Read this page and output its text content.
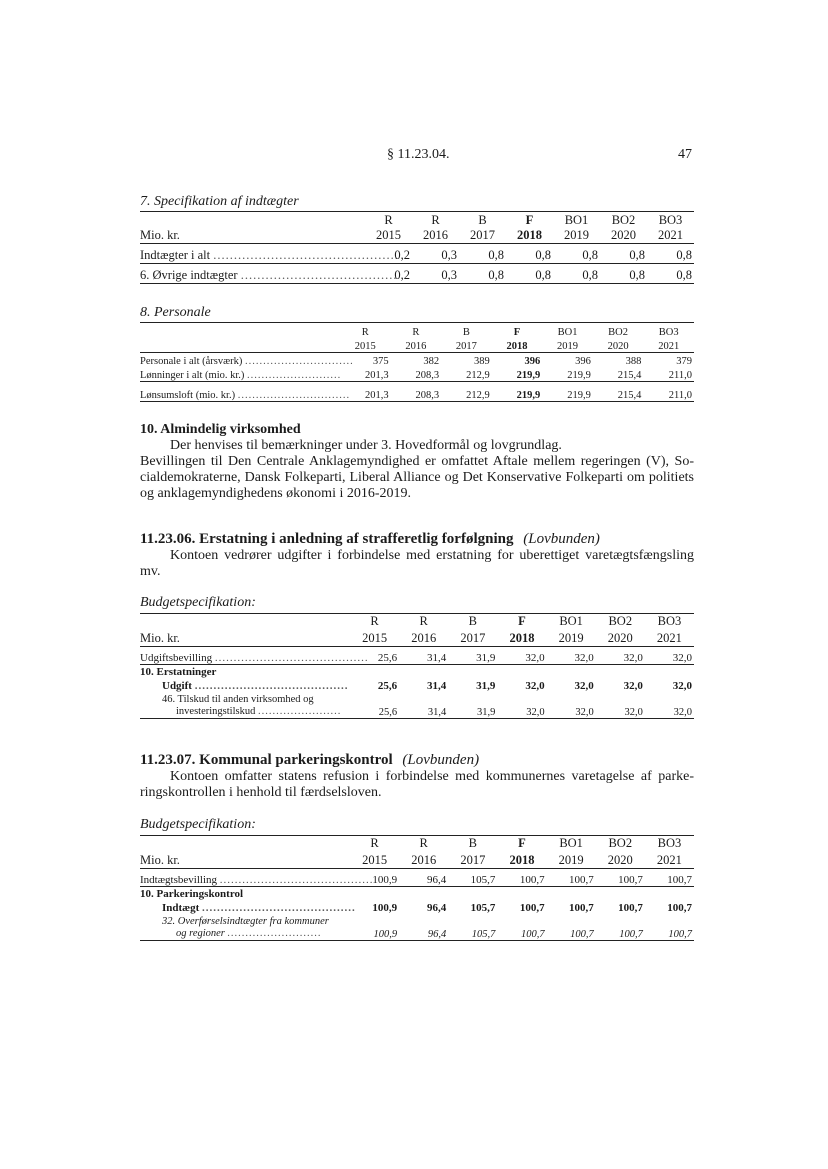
§ 11.23.04.	47
7. Specifikation af indtægter
	R	R	B	F	BO1	BO2	BO3
Mio. kr.	2015	2016	2017	2018	2019	2020	2021
Indtægter i alt .............................................	0,2	0,3	0,8	0,8	0,8	0,8	0,8
6. Øvrige indtægter ......................................	0,2	0,3	0,8	0,8	0,8	0,8	0,8
8. Personale
	R	R	B	F	BO1	BO2	BO3
	2015	2016	2017	2018	2019	2020	2021
Personale i alt (årsværk) ..............................	375	382	389	396	396	388	379
Lønninger i alt (mio. kr.) ..........................	201,3	208,3	212,9	219,9	219,9	215,4	211,0
Lønsumsloft (mio. kr.) ...............................	201,3	208,3	212,9	219,9	219,9	215,4	211,0
10. Almindelig virksomhed
Der henvises til bemærkninger under 3. Hovedformål og lovgrundlag.
Bevillingen til Den Centrale Anklagemyndighed er omfattet Aftale mellem regeringen (V), So-
cialdemokraterne, Dansk Folkeparti, Liberal Alliance og Det Konservative Folkeparti om politiets
og anklagemyndighedens økonomi i 2016-2019.
11.23.06. Erstatning i anledning af strafferetlig forfølgning (Lovbunden)
Kontoen vedrører udgifter i forbindelse med erstatning for uberettiget varetægtsfængsling
mv.
Budgetspecifikation:
	R	R	B	F	BO1	BO2	BO3
Mio. kr.	2015	2016	2017	2018	2019	2020	2021
Udgiftsbevilling .........................................	25,6	31,4	31,9	32,0	32,0	32,0	32,0
10. Erstatninger							
Udgift .........................................	25,6	31,4	31,9	32,0	32,0	32,0	32,0

46. Tilskud til anden virksomhed og
investeringstilskud .......................	25,6	31,4	31,9	32,0	32,0	32,0	32,0
11.23.07. Kommunal parkeringskontrol (Lovbunden)
Kontoen omfatter statens refusion i forbindelse med kommunernes varetagelse af parke-
ringskontrollen i henhold til færdselsloven.
Budgetspecifikation:
	R	R	B	F	BO1	BO2	BO3
Mio. kr.	2015	2016	2017	2018	2019	2020	2021
Indtægtsbevilling .........................................	100,9	96,4	105,7	100,7	100,7	100,7	100,7
10. Parkeringskontrol							
Indtægt .........................................	100,9	96,4	105,7	100,7	100,7	100,7	100,7

32. Overførselsindtægter fra kommuner
og regioner ..........................	100,9	96,4	105,7	100,7	100,7	100,7	100,7
